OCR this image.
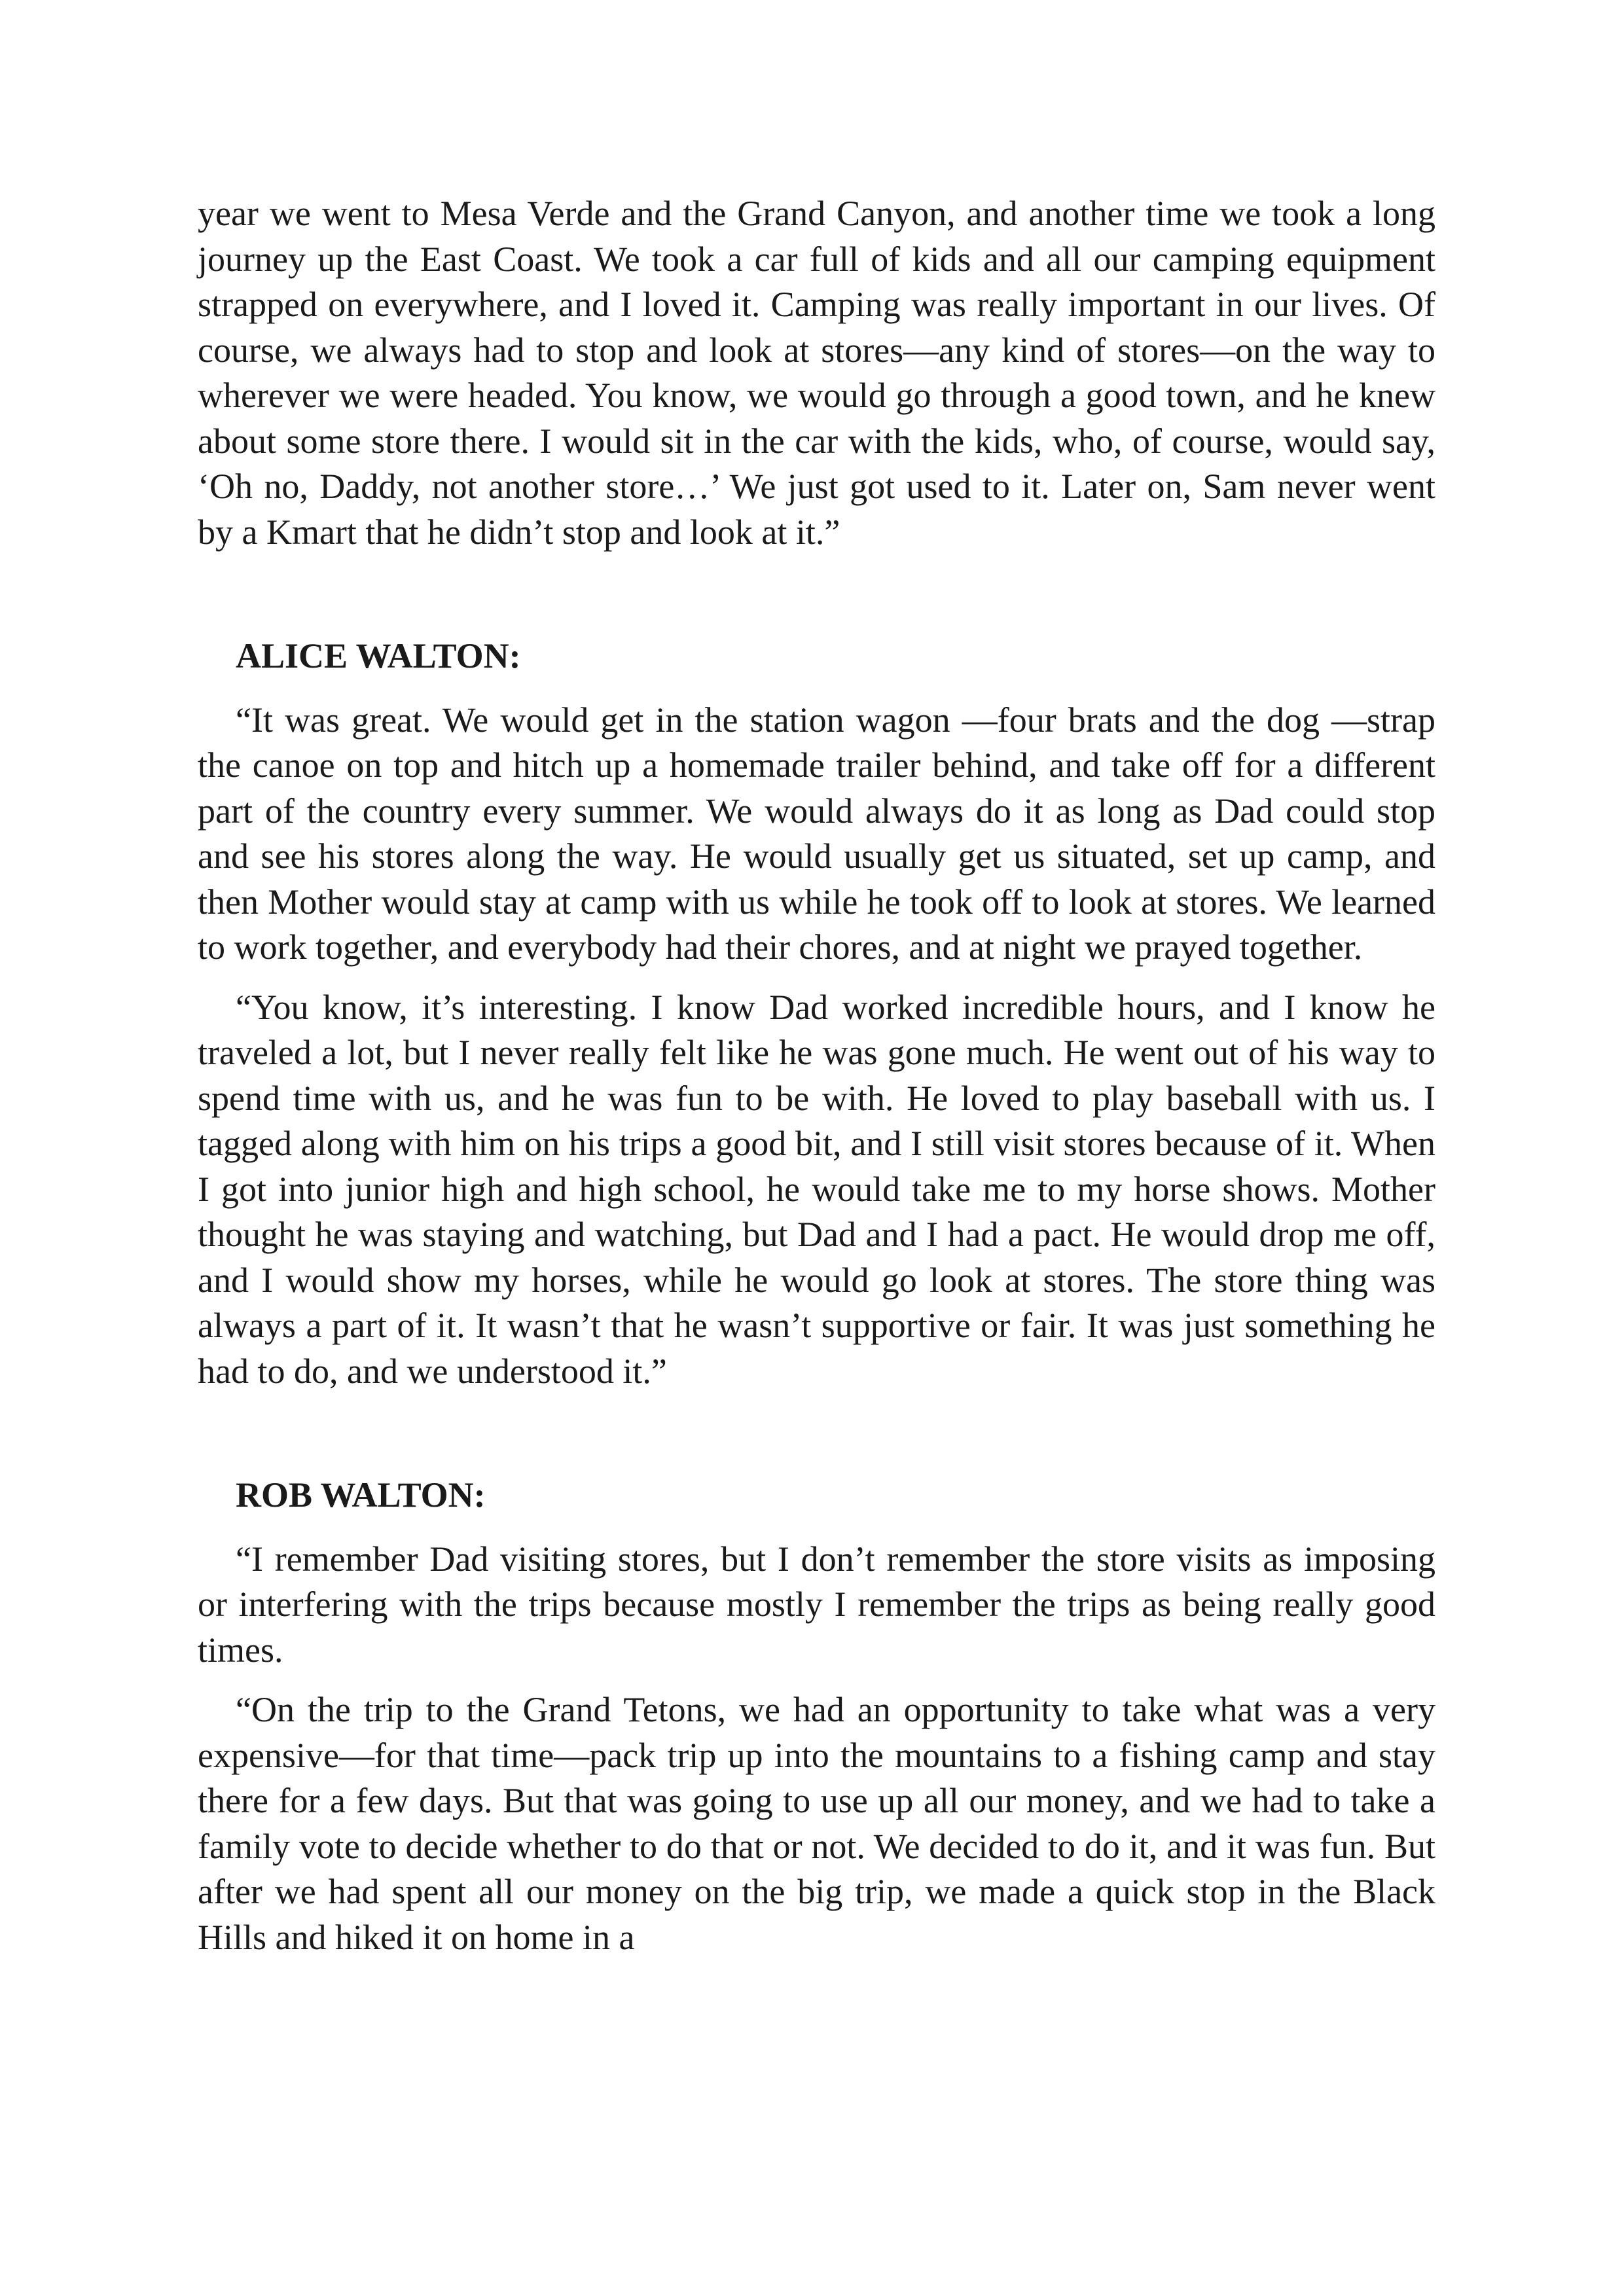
year we went to Mesa Verde and the Grand Canyon, and another time we took a long journey up the East Coast. We took a car full of kids and all our camping equipment strapped on everywhere, and I loved it. Camping was really important in our lives. Of course, we always had to stop and look at stores—any kind of stores—on the way to wherever we were headed. You know, we would go through a good town, and he knew about some store there. I would sit in the car with the kids, who, of course, would say, ‘Oh no, Daddy, not another store…’ We just got used to it. Later on, Sam never went by a Kmart that he didn’t stop and look at it.”

ALICE WALTON:

“It was great. We would get in the station wagon —four brats and the dog —strap the canoe on top and hitch up a homemade trailer behind, and take off for a different part of the country every summer. We would always do it as long as Dad could stop and see his stores along the way. He would usually get us situated, set up camp, and then Mother would stay at camp with us while he took off to look at stores. We learned to work together, and everybody had their chores, and at night we prayed together.

“You know, it’s interesting. I know Dad worked incredible hours, and I know he traveled a lot, but I never really felt like he was gone much. He went out of his way to spend time with us, and he was fun to be with. He loved to play baseball with us. I tagged along with him on his trips a good bit, and I still visit stores because of it. When I got into junior high and high school, he would take me to my horse shows. Mother thought he was staying and watching, but Dad and I had a pact. He would drop me off, and I would show my horses, while he would go look at stores. The store thing was always a part of it. It wasn’t that he wasn’t supportive or fair. It was just something he had to do, and we understood it.”

ROB WALTON:

“I remember Dad visiting stores, but I don’t remember the store visits as imposing or interfering with the trips because mostly I remember the trips as being really good times.

“On the trip to the Grand Tetons, we had an opportunity to take what was a very expensive—for that time—pack trip up into the mountains to a fishing camp and stay there for a few days. But that was going to use up all our money, and we had to take a family vote to decide whether to do that or not. We decided to do it, and it was fun. But after we had spent all our money on the big trip, we made a quick stop in the Black Hills and hiked it on home in a
